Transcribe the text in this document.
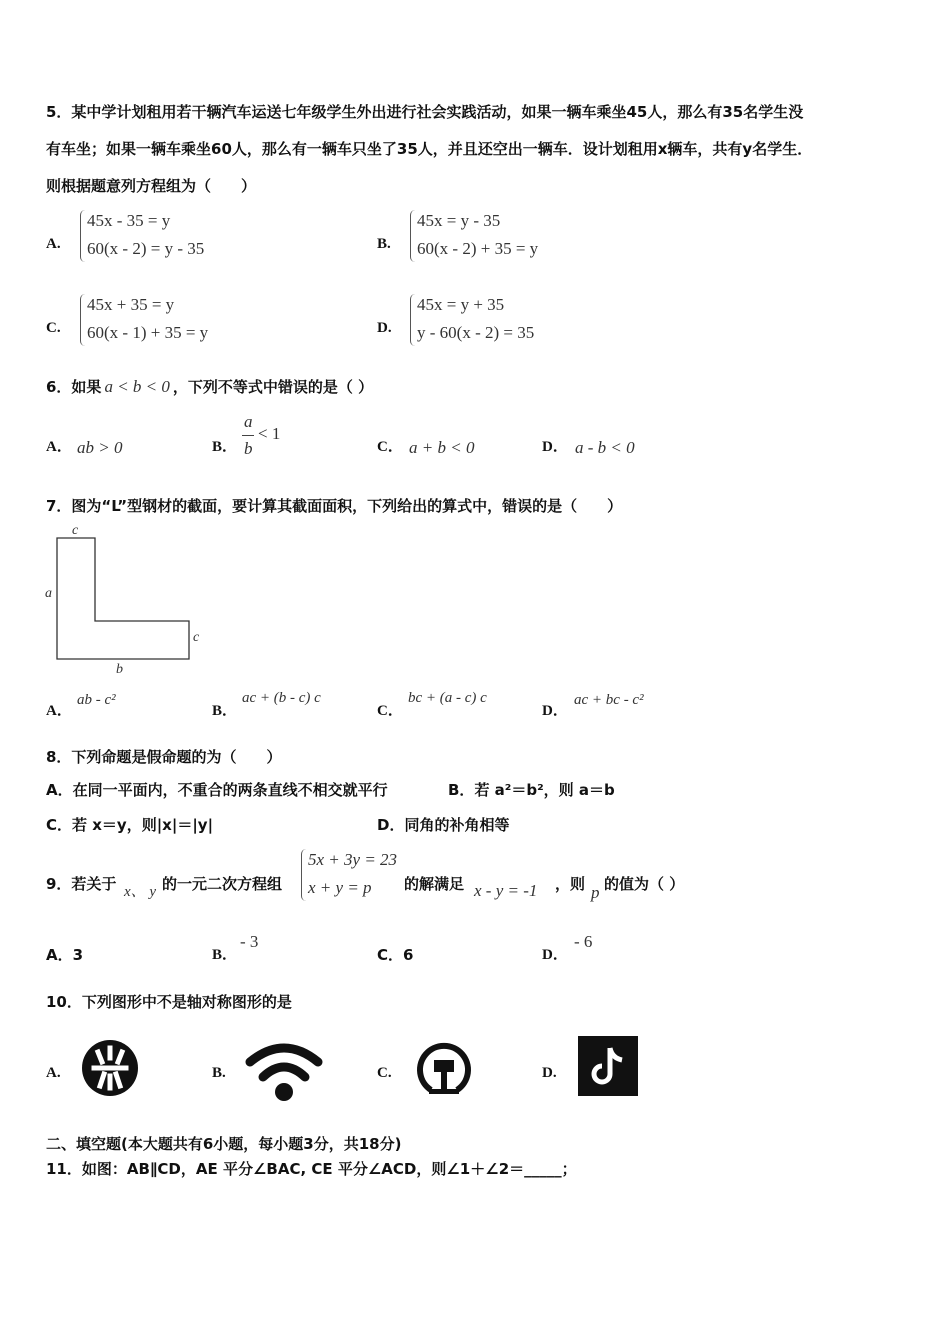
5．某中学计划租用若干辆汽车运送七年级学生外出进行社会实践活动，如果一辆车乘坐45人，那么有35名学生没
有车坐；如果一辆车乘坐60人，那么有一辆车只坐了35人，并且还空出一辆车．设计划租用x辆车，共有y名学生．
则根据题意列方程组为（　　）
A.
45x - 35 = y
60(x - 2) = y - 35	B.
45x = y - 35
60(x - 2) + 35 = y
C.
45x + 35 = y
60(x - 1) + 35 = y	D.
45x = y + 35
y - 60(x - 2) = 35
6．如果 a < b < 0 ，下列不等式中错误的是（ ）
A． ab > 0	B．
a
b
< 1
C． a + b < 0	D． a - b < 0
7．图为“L”型钢材的截面，要计算其截面面积，下列给出的算式中，错误的是（　　）
c
a
c
b
A．
ab - c²
B．
ac + (b - c) c
C．
bc + (a - c) c
D．
ac + bc - c²
8．下列命题是假命题的为（　　）
A．在同一平面内，不重合的两条直线不相交就平行	B．若 a²＝b²，则 a＝b
C．若 x＝y，则|x|＝|y|	D．同角的补角相等
9．若关于 x、 y 的一元二次方程组
5x + 3y = 23
x + y = p 的解满足 x - y = -1 ，则 p 的值为（ ）
A．3	B．
- 3
C．6	D．
- 6
10．下列图形中不是轴对称图形的是
A.	B.	C.	D.
二、填空题(本大题共有6小题，每小题3分，共18分)
11．如图：AB∥CD，AE 平分∠BAC, CE 平分∠ACD，则∠1＋∠2＝_____；
